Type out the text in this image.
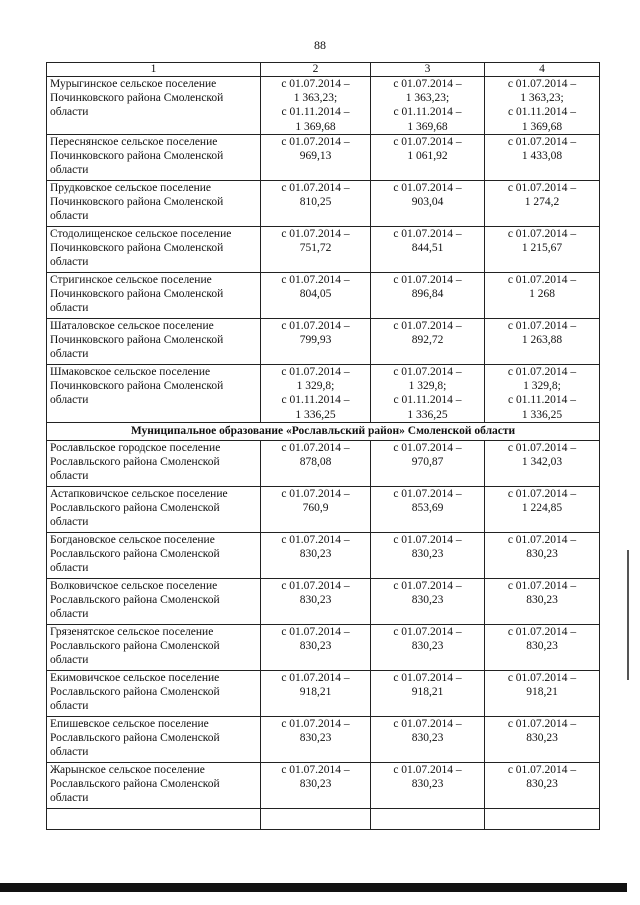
88
1	2	3	4
Мурыгинское сельское поселение Починковского района Смоленской области	с 01.07.2014 –
1 363,23;
с 01.11.2014 –
1 369,68	с 01.07.2014 –
1 363,23;
с 01.11.2014 –
1 369,68	с 01.07.2014 –
1 363,23;
с 01.11.2014 –
1 369,68

Переснянское сельское поселение Починковского района Смоленской области	с 01.07.2014 –
969,13	с 01.07.2014 –
1 061,92	с 01.07.2014 –
1 433,08

Прудковское сельское поселение Починковского района Смоленской области	с 01.07.2014 –
810,25	с 01.07.2014 –
903,04	с 01.07.2014 –
1 274,2

Стодолищенское сельское поселение Починковского района Смоленской области	с 01.07.2014 –
751,72	с 01.07.2014 –
844,51	с 01.07.2014 –
1 215,67

Стригинское сельское поселение Починковского района Смоленской области	с 01.07.2014 –
804,05	с 01.07.2014 –
896,84	с 01.07.2014 –
1 268

Шаталовское сельское поселение Починковского района Смоленской области	с 01.07.2014 –
799,93	с 01.07.2014 –
892,72	с 01.07.2014 –
1 263,88

Шмаковское сельское поселение Починковского района Смоленской области	с 01.07.2014 –
1 329,8;
с 01.11.2014 –
1 336,25	с 01.07.2014 –
1 329,8;
с 01.11.2014 –
1 336,25	с 01.07.2014 –
1 329,8;
с 01.11.2014 –
1 336,25

Муниципальное образование «Рославльский район» Смоленской области			
Рославльское городское поселение Рославльского района Смоленской области	с 01.07.2014 –
878,08	с 01.07.2014 –
970,87	с 01.07.2014 –
1 342,03

Астапковичское сельское поселение Рославльского района Смоленской области	с 01.07.2014 –
760,9	с 01.07.2014 –
853,69	с 01.07.2014 –
1 224,85

Богдановское сельское поселение Рославльского района Смоленской области	с 01.07.2014 –
830,23	с 01.07.2014 –
830,23	с 01.07.2014 –
830,23

Волковичское сельское поселение Рославльского района Смоленской области	с 01.07.2014 –
830,23	с 01.07.2014 –
830,23	с 01.07.2014 –
830,23

Грязенятское сельское поселение Рославльского района Смоленской области	с 01.07.2014 –
830,23	с 01.07.2014 –
830,23	с 01.07.2014 –
830,23

Екимовичское сельское поселение Рославльского района Смоленской области	с 01.07.2014 –
918,21	с 01.07.2014 –
918,21	с 01.07.2014 –
918,21

Епишевское сельское поселение Рославльского района Смоленской области	с 01.07.2014 –
830,23	с 01.07.2014 –
830,23	с 01.07.2014 –
830,23

Жарынское сельское поселение Рославльского района Смоленской области	с 01.07.2014 –
830,23	с 01.07.2014 –
830,23	с 01.07.2014 –
830,23
